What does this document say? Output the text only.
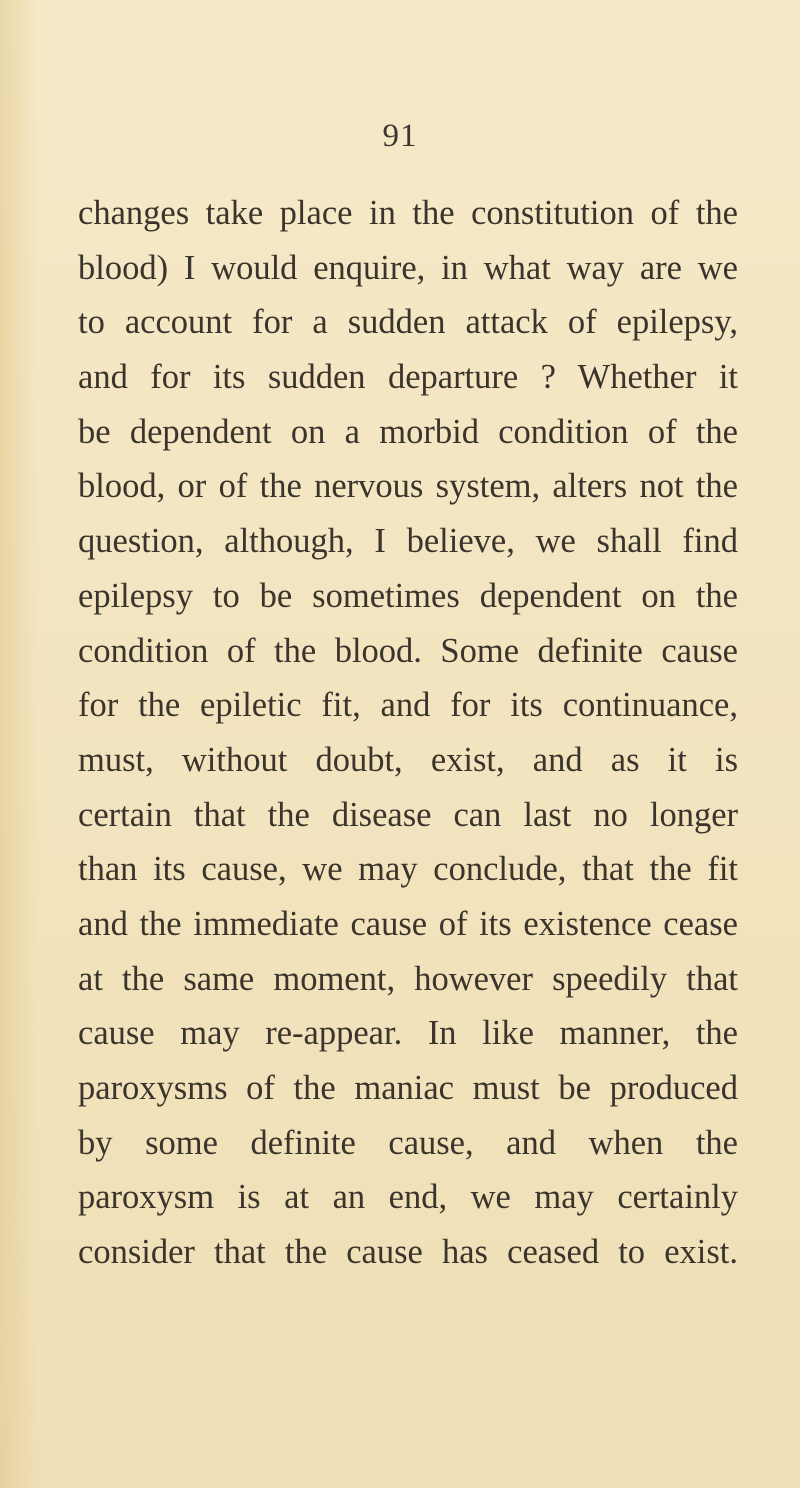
91
changes take place in the constitution of the
blood) I would enquire, in what way are we
to account for a sudden attack of epilepsy,
and for its sudden departure ? Whether it
be dependent on a morbid condition of the
blood, or of the nervous system, alters not the
question, although, I believe, we shall find
epilepsy to be sometimes dependent on the
condition of the blood. Some definite cause
for the epiletic fit, and for its continuance,
must, without doubt, exist, and as it is
certain that the disease can last no longer
than its cause, we may conclude, that the fit
and the immediate cause of its existence cease
at the same moment, however speedily that
cause may re-appear. In like manner, the
paroxysms of the maniac must be produced
by some definite cause, and when the
paroxysm is at an end, we may certainly
consider that the cause has ceased to exist.
